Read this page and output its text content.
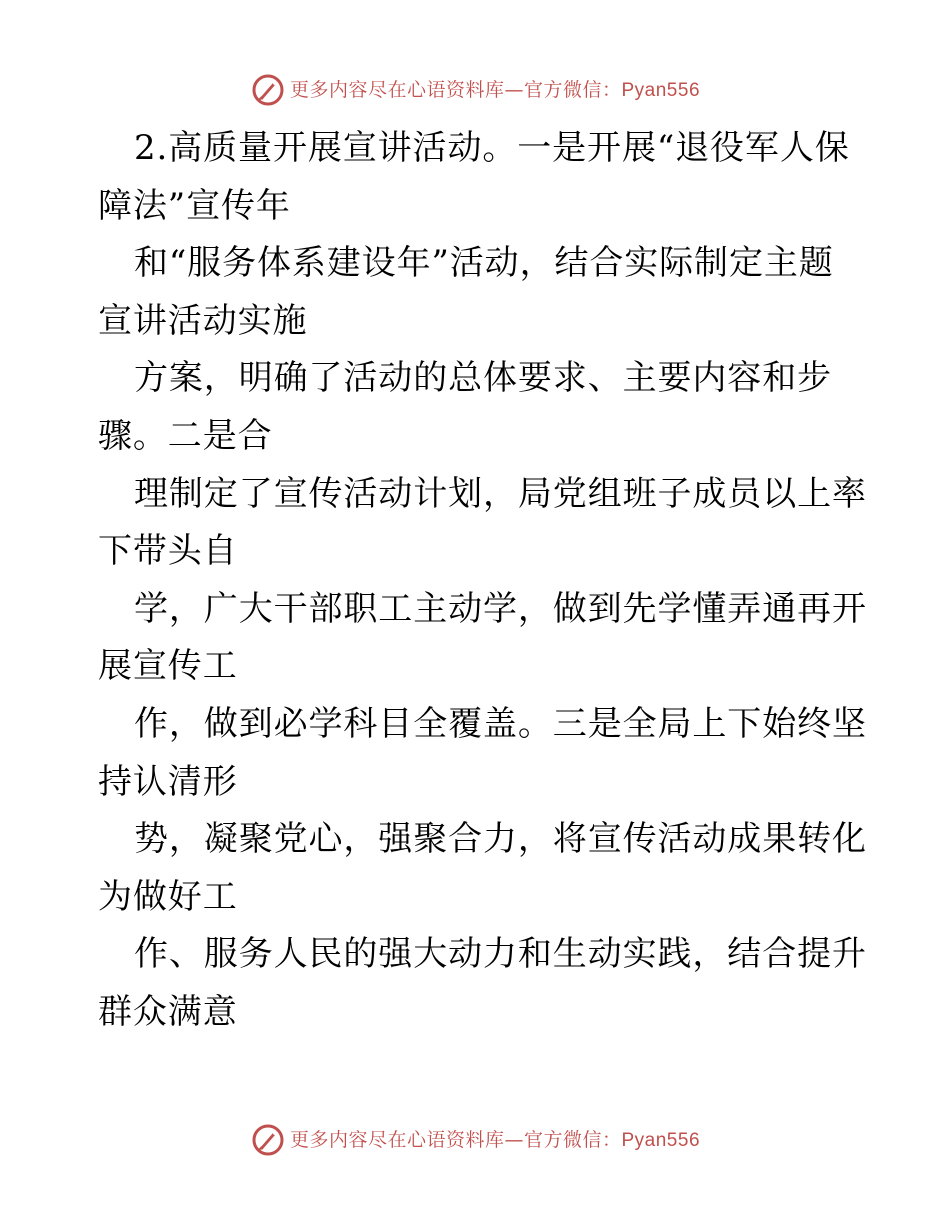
更多内容尽在心语资料库—官方微信：Pyan556
2.高质量开展宣讲活动。一是开展“退役军人保
障法”宣传年
和“服务体系建设年”活动，结合实际制定主题
宣讲活动实施
方案，明确了活动的总体要求、主要内容和步
骤。二是合
理制定了宣传活动计划，局党组班子成员以上率
下带头自
学，广大干部职工主动学，做到先学懂弄通再开
展宣传工
作，做到必学科目全覆盖。三是全局上下始终坚
持认清形
势，凝聚党心，强聚合力，将宣传活动成果转化
为做好工
作、服务人民的强大动力和生动实践，结合提升
群众满意
更多内容尽在心语资料库—官方微信：Pyan556
